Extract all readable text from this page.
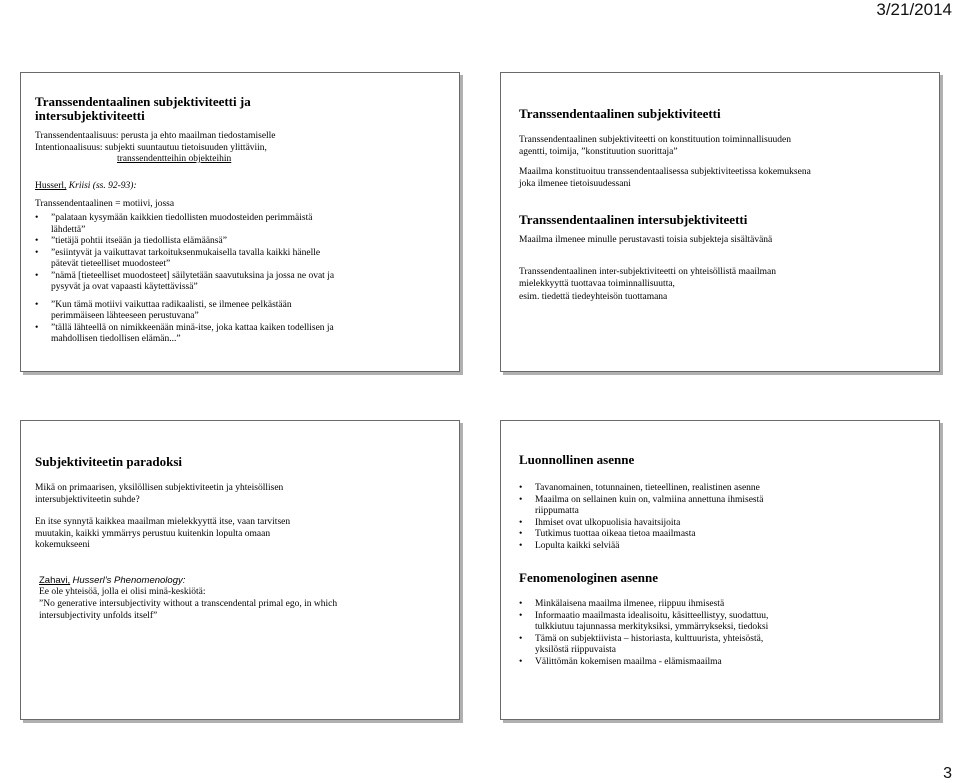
3/21/2014
Transsendentaalinen subjektiviteetti ja intersubjektiviteetti
Transsendentaalisuus: perusta ja ehto maailman tiedostamiselle
Intentionaalisuus: subjekti suuntautuu tietoisuuden ylittäviin,
transsendentteihin objekteihin
Husserl, Kriisi (ss. 92-93):
Transsendentaalinen = motiivi, jossa
• ”palataan kysymään kaikkien tiedollisten muodosteiden perimmäistä lähdettä”
• ”tietäjä pohtii itseään ja tiedollista elämäänsä”
• ”esiintyvät ja vaikuttavat tarkoituksenmukaisella tavalla kaikki hänelle pätevät tieteelliset muodosteet”
• ”nämä [tieteelliset muodosteet] säilytetään saavutuksina ja jossa ne ovat ja pysyvät ja ovat vapaasti käytettävissä”
• ”Kun tämä motiivi vaikuttaa radikaalisti, se ilmenee pelkästään perimmäiseen lähteeseen perustuvana”
• ”tällä lähteellä on nimikkeenään minä-itse, joka kattaa kaiken todellisen ja mahdollisen tiedollisen elämän...”
Transsendentaalinen subjektiviteetti
Transsendentaalinen subjektiviteetti on konstituution toiminnallisuuden agentti, toimija, ”konstituution suorittaja”
Maailma konstituoituu transsendentaalisessa subjektiviteetissa kokemuksena joka ilmenee tietoisuudessani
Transsendentaalinen intersubjektiviteetti
Maailma ilmenee minulle perustavasti toisia subjekteja sisältävänä
Transsendentaalinen inter-subjektiviteetti on yhteisöllistä maailman mielekkyyttä tuottavaa toiminnallisuutta,
esim. tiedettä tiedeyhteisön tuottamana
Subjektiviteetin paradoksi
Mikä on primaarisen, yksilöllisen subjektiviteetin ja yhteisöllisen intersubjektiviteetin suhde?
En itse synnytä kaikkea maailman mielekkyyttä itse, vaan tarvitsen muutakin, kaikki ymmärrys perustuu kuitenkin lopulta omaan kokemukseeni
Zahavi, Husserl’s Phenomenology:
Ee ole yhteisöä, jolla ei olisi minä-keskiötä:
”No generative intersubjectivity without a transcendental primal ego, in which intersubjectivity unfolds itself”
Luonnollinen asenne
• Tavanomainen, totunnainen, tieteellinen, realistinen asenne
• Maailma on sellainen kuin on, valmiina annettuna ihmisestä riippumatta
• Ihmiset ovat ulkopuolisia havaitsijoita
• Tutkimus tuottaa oikeaa tietoa maailmasta
• Lopulta kaikki selviää
Fenomenologinen asenne
• Minkälaisena maailma ilmenee, riippuu ihmisestä
• Informaatio maailmasta idealisoitu, käsitteellistyy, suodattuu, tulkkiutuu tajunnassa merkityksiksi, ymmärrykseksi, tiedoksi
• Tämä on subjektiivista – historiasta, kulttuurista, yhteisöstä, yksilöstä riippuvaista
• Välittömän kokemisen maailma - elämismaailma
3
